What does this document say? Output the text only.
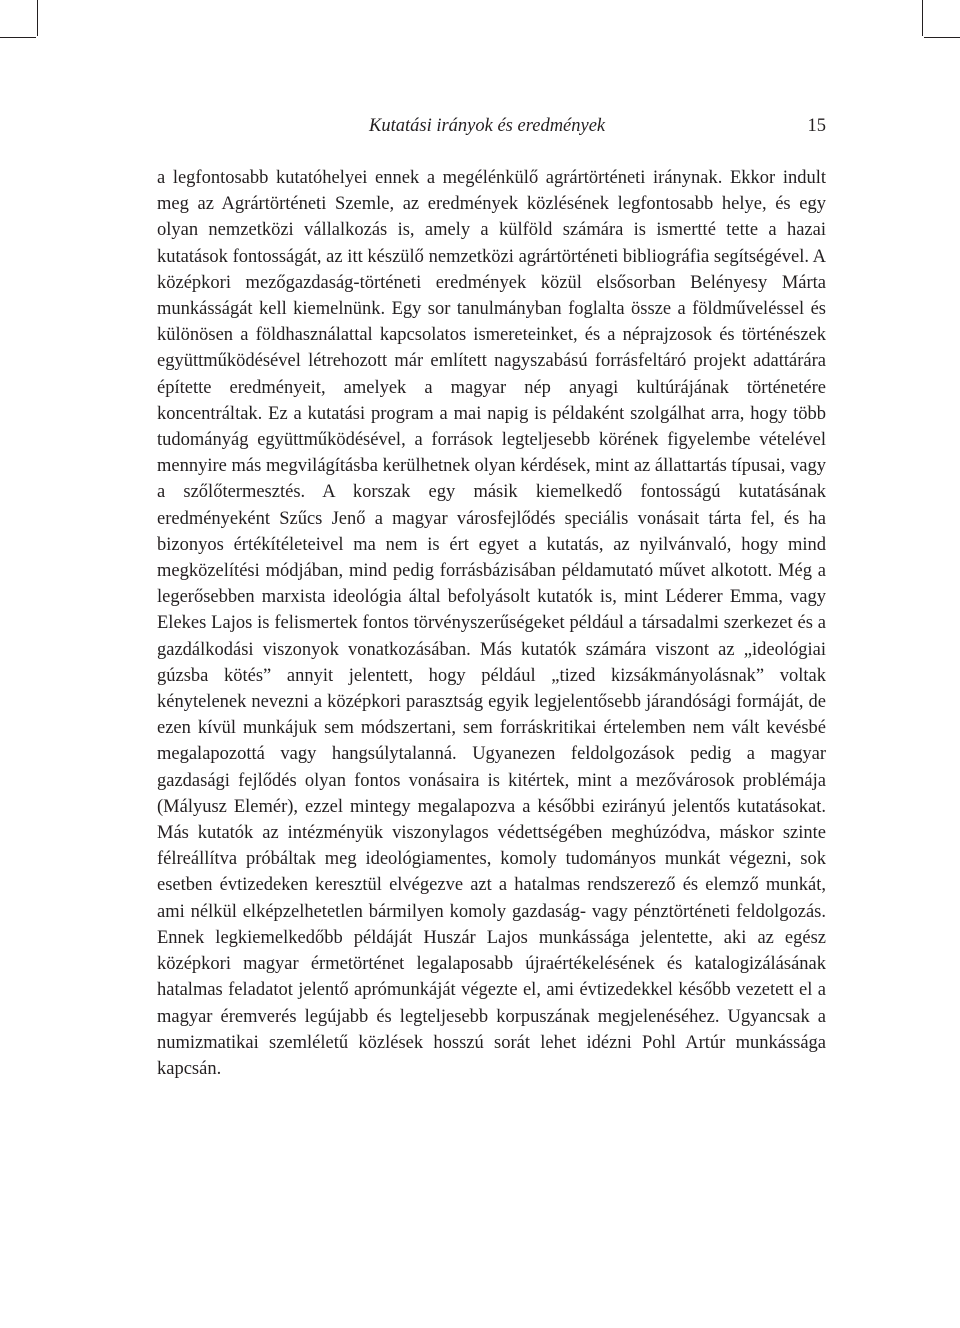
Kutatási irányok és eredmények	15

a legfontosabb kutatóhelyei ennek a megélénkülő agrártörténeti iránynak. Ekkor indult meg az Agrártörténeti Szemle, az eredmények közlésének legfontosabb helye, és egy olyan nemzetközi vállalkozás is, amely a külföld számára is ismertté tette a hazai kutatások fontosságát, az itt készülő nemzetközi agrártörténeti bibliográfia segítségével. A középkori mezőgazdaság-történeti eredmények közül elsősorban Belényesy Márta munkásságát kell kiemelnünk. Egy sor tanulmányban foglalta össze a földműveléssel és különösen a földhasználattal kapcsolatos ismereteinket, és a néprajzosok és történészek együttműködésével létrehozott már említett nagyszabású forrásfeltáró projekt adattárára építette eredményeit, amelyek a magyar nép anyagi kultúrájának történetére koncentráltak. Ez a kutatási program a mai napig is példaként szolgálhat arra, hogy több tudományág együttműködésével, a források legteljesebb körének figyelembe vételével mennyire más megvilágításba kerülhetnek olyan kérdések, mint az állattartás típusai, vagy a szőlőtermesztés. A korszak egy másik kiemelkedő fontosságú kutatásának eredményeként Szűcs Jenő a magyar városfejlődés speciális vonásait tárta fel, és ha bizonyos értékítéleteivel ma nem is ért egyet a kutatás, az nyilvánvaló, hogy mind megközelítési módjában, mind pedig forrásbázisában példamutató művet alkotott. Még a legerősebben marxista ideológia által befolyásolt kutatók is, mint Léderer Emma, vagy Elekes Lajos is felismertek fontos törvényszerűségeket például a társadalmi szerkezet és a gazdálkodási viszonyok vonatkozásában. Más kutatók számára viszont az „ideológiai gúzsba kötés” annyit jelentett, hogy például „tized kizsákmányolásnak” voltak kénytelenek nevezni a középkori parasztság egyik legjelentősebb járandósági formáját, de ezen kívül munkájuk sem módszertani, sem forráskritikai értelemben nem vált kevésbé megalapozottá vagy hangsúlytalanná. Ugyanezen feldolgozások pedig a magyar gazdasági fejlődés olyan fontos vonásaira is kitértek, mint a mezővárosok problémája (Mályusz Elemér), ezzel mintegy megalapozva a későbbi ezirányú jelentős kutatásokat. Más kutatók az intézményük viszonylagos védettségében meghúzódva, máskor szinte félreállítva próbáltak meg ideológiamentes, komoly tudományos munkát végezni, sok esetben évtizedeken keresztül elvégezve azt a hatalmas rendszerező és elemző munkát, ami nélkül elképzelhetetlen bármilyen komoly gazdaság- vagy pénztörténeti feldolgozás. Ennek legkiemelkedőbb példáját Huszár Lajos munkássága jelentette, aki az egész középkori magyar érmetörténet legalaposabb újraértékelésének és katalogizálásának hatalmas feladatot jelentő aprómunkáját végezte el, ami évtizedekkel később vezetett el a magyar éremverés legújabb és legteljesebb korpuszának megjelenéséhez. Ugyancsak a numizmatikai szemléletű közlések hosszú sorát lehet idézni Pohl Artúr munkássága kapcsán.
